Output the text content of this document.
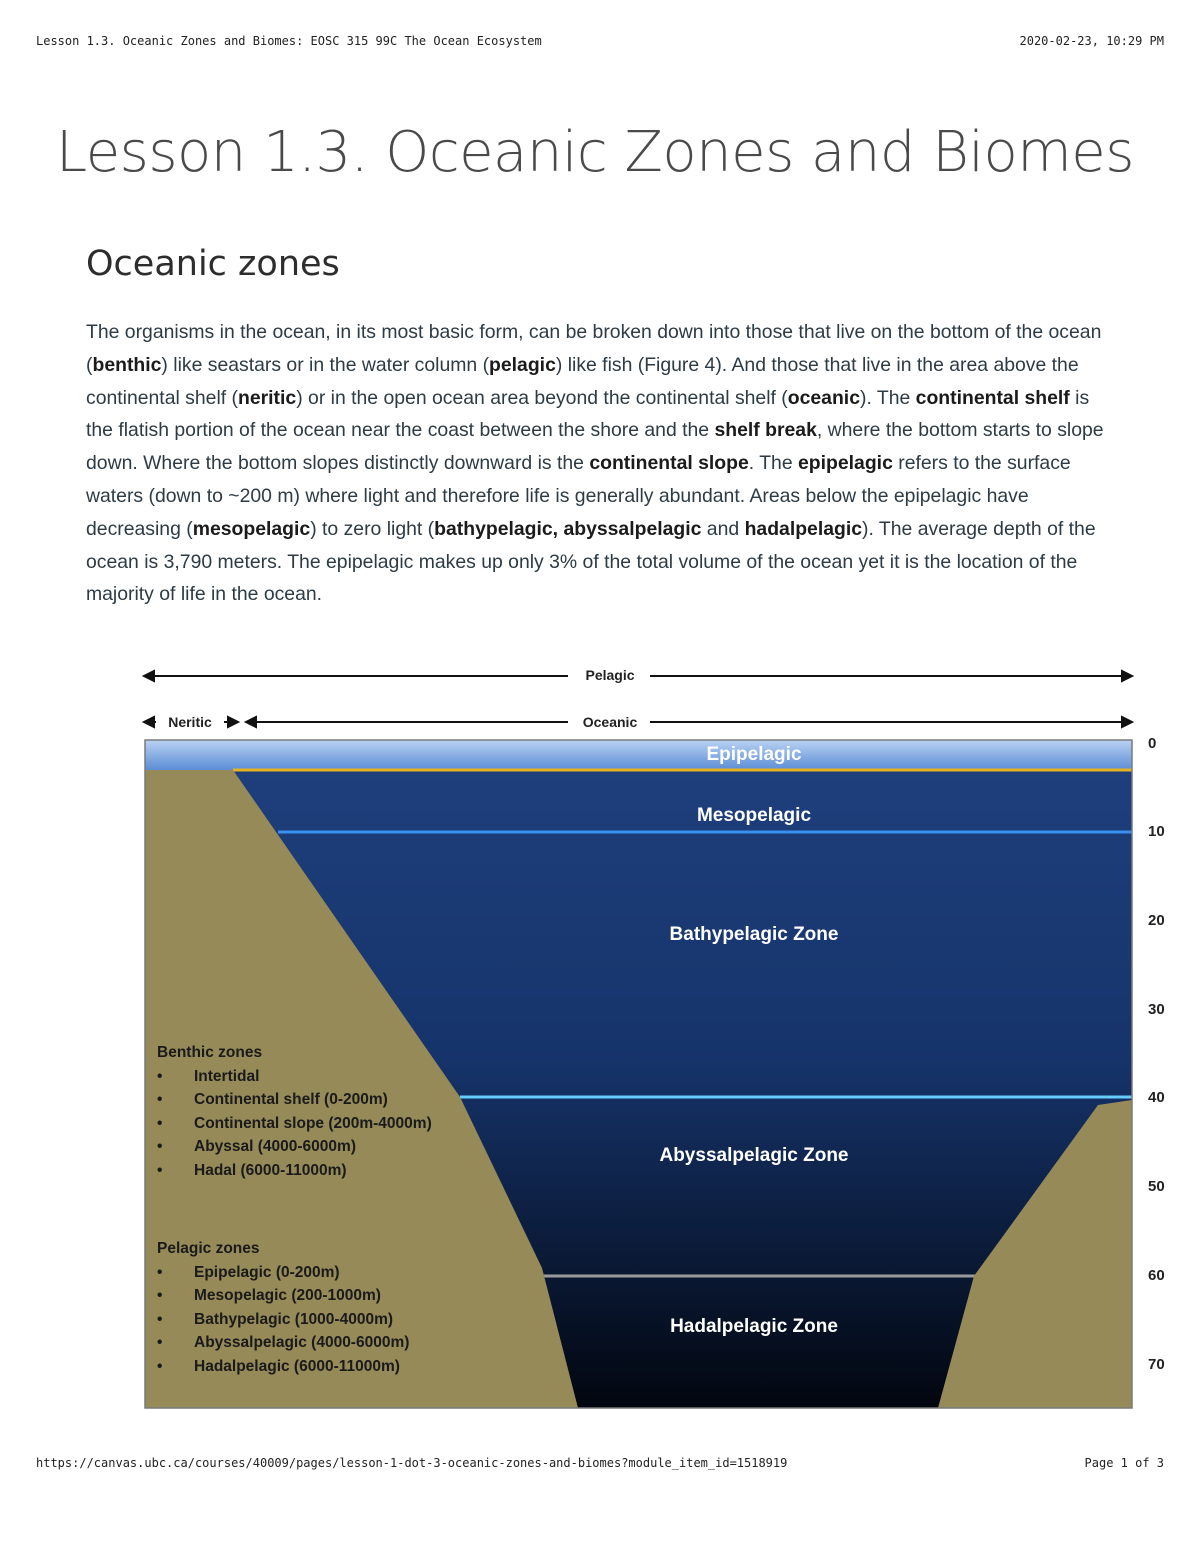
Lesson 1.3. Oceanic Zones and Biomes: EOSC 315 99C The Ocean Ecosystem	2020-02-23, 10:29 PM
Lesson 1.3. Oceanic Zones and Biomes
Oceanic zones

The organisms in the ocean, in its most basic form, can be broken down into those that live on the bottom of the ocean (benthic) like seastars or in the water column (pelagic) like fish (Figure 4). And those that live in the area above the continental shelf (neritic) or in the open ocean area beyond the continental shelf (oceanic). The continental shelf is the flatish portion of the ocean near the coast between the shore and the shelf break, where the bottom starts to slope down. Where the bottom slopes distinctly downward is the continental slope. The epipelagic refers to the surface waters (down to ~200 m) where light and therefore life is generally abundant. Areas below the epipelagic have decreasing (mesopelagic) to zero light (bathypelagic, abyssalpelagic and hadalpelagic). The average depth of the ocean is 3,790 meters. The epipelagic makes up only 3% of the total volume of the ocean yet it is the location of the majority of life in the ocean.

Pelagic
Neritic	Oceanic
Epipelagic
Mesopelagic
Bathypelagic Zone
Abyssalpelagic Zone
Hadalpelagic Zone
0
10
20
30
40
50
60
70
Benthic zones
• Intertidal
• Continental shelf (0-200m)
• Continental slope (200m-4000m)
• Abyssal (4000-6000m)
• Hadal (6000-11000m)
Pelagic zones
• Epipelagic (0-200m)
• Mesopelagic (200-1000m)
• Bathypelagic (1000-4000m)
• Abyssalpelagic (4000-6000m)
• Hadalpelagic (6000-11000m)
https://canvas.ubc.ca/courses/40009/pages/lesson-1-dot-3-oceanic-zones-and-biomes?module_item_id=1518919	Page 1 of 3
